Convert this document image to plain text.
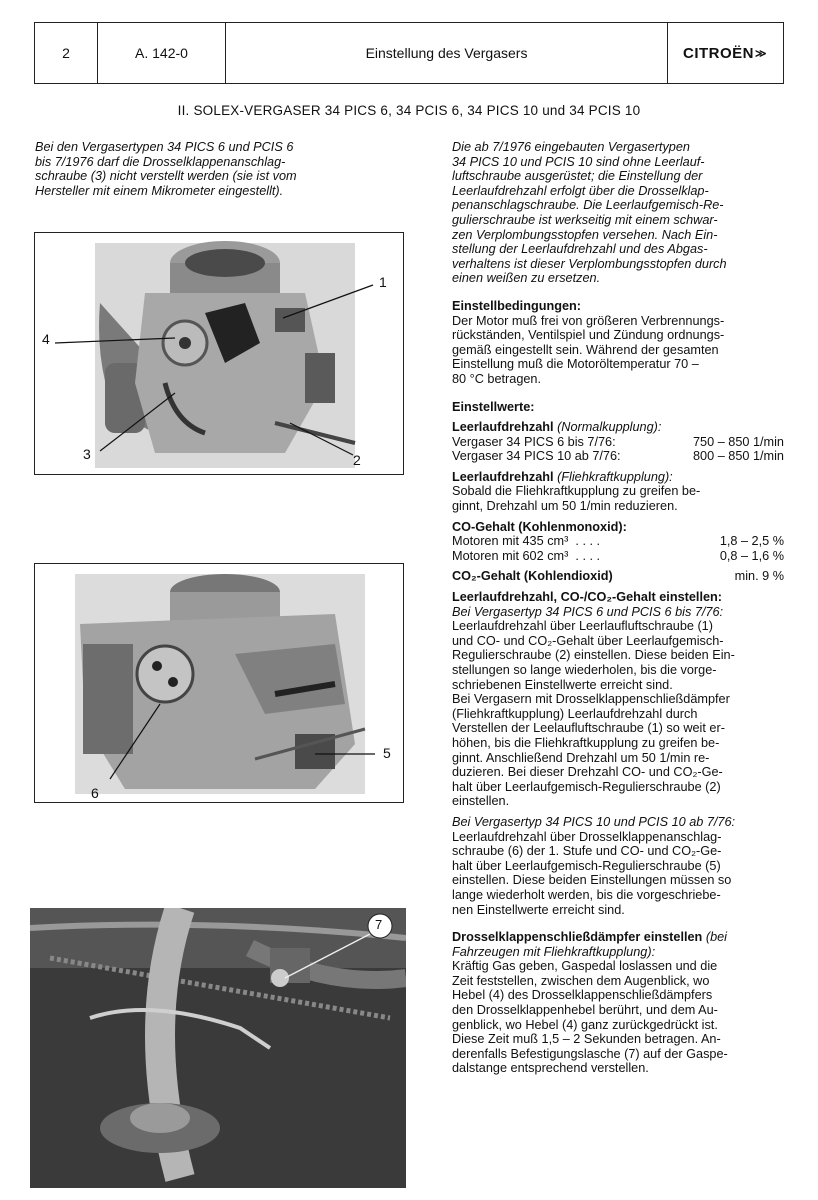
2	A. 142-0	Einstellung des Vergasers	CITROËN ≫
II. SOLEX-VERGASER 34 PICS 6, 34 PCIS 6, 34 PICS 10 und 34 PCIS 10
Bei den Vergasertypen 34 PICS 6 und PCIS 6
bis 7/1976 darf die Drosselklappenanschlag-
schraube (3) nicht verstellt werden (sie ist vom
Hersteller mit einem Mikrometer eingestellt).
1
2
3
4
5
6
7

Die ab 7/1976 eingebauten Vergasertypen
34 PICS 10 und PCIS 10 sind ohne Leerlauf-
luftschraube ausgerüstet; die Einstellung der
Leerlaufdrehzahl erfolgt über die Drosselklap-
penanschlagschraube. Die Leerlaufgemisch-Re-
gulierschraube ist werkseitig mit einem schwar-
zen Verplombungsstopfen versehen. Nach Ein-
stellung der Leerlaufdrehzahl und des Abgas-
verhaltens ist dieser Verplombungsstopfen durch
einen weißen zu ersetzen.

Einstellbedingungen:

Der Motor muß frei von größeren Verbrennungs-
rückständen, Ventilspiel und Zündung ordnungs-
gemäß eingestellt sein. Während der gesamten
Einstellung muß die Motoröltemperatur 70 –
80 °C betragen.

Einstellwerte:
Leerlaufdrehzahl (Normalkupplung):
Vergaser 34 PICS 6 bis 7/76:	750 – 850 1/min
Vergaser 34 PICS 10 ab 7/76:	800 – 850 1/min
Leerlaufdrehzahl (Fliehkraftkupplung):

Sobald die Fliehkraftkupplung zu greifen be-
ginnt, Drehzahl um 50 1/min reduzieren.

CO-Gehalt (Kohlenmonoxid):
Motoren mit 435 cm³ . . . .	1,8 – 2,5 %
Motoren mit 602 cm³ . . . .	0,8 – 1,6 %
CO₂-Gehalt (Kohlendioxid)	min. 9 %
Leerlaufdrehzahl, CO-/CO₂-Gehalt einstellen:
Bei Vergasertyp 34 PICS 6 und PCIS 6 bis 7/76:

Leerlaufdrehzahl über Leerlaufluftschraube (1)
und CO- und CO₂-Gehalt über Leerlaufgemisch-
Regulierschraube (2) einstellen. Diese beiden Ein-
stellungen so lange wiederholen, bis die vorge-
schriebenen Einstellwerte erreicht sind.
Bei Vergasern mit Drosselklappenschließdämpfer
(Fliehkraftkupplung) Leerlaufdrehzahl durch
Verstellen der Leelaufluftschraube (1) so weit er-
höhen, bis die Fliehkraftkupplung zu greifen be-
ginnt. Anschließend Drehzahl um 50 1/min re-
duzieren. Bei dieser Drehzahl CO- und CO₂-Ge-
halt über Leerlaufgemisch-Regulierschraube (2)
einstellen.

Bei Vergasertyp 34 PICS 10 und PCIS 10 ab 7/76:

Leerlaufdrehzahl über Drosselklappenanschlag-
schraube (6) der 1. Stufe und CO- und CO₂-Ge-
halt über Leerlaufgemisch-Regulierschraube (5)
einstellen. Diese beiden Einstellungen müssen so
lange wiederholt werden, bis die vorgeschriebe-
nen Einstellwerte erreicht sind.

Drosselklappenschließdämpfer einstellen (bei
Fahrzeugen mit Fliehkraftkupplung):

Kräftig Gas geben, Gaspedal loslassen und die
Zeit feststellen, zwischen dem Augenblick, wo
Hebel (4) des Drosselklappenschließdämpfers
den Drosselklappenhebel berührt, und dem Au-
genblick, wo Hebel (4) ganz zurückgedrückt ist.
Diese Zeit muß 1,5 – 2 Sekunden betragen. An-
derenfalls Befestigungslasche (7) auf der Gaspe-
dalstange entsprechend verstellen.
